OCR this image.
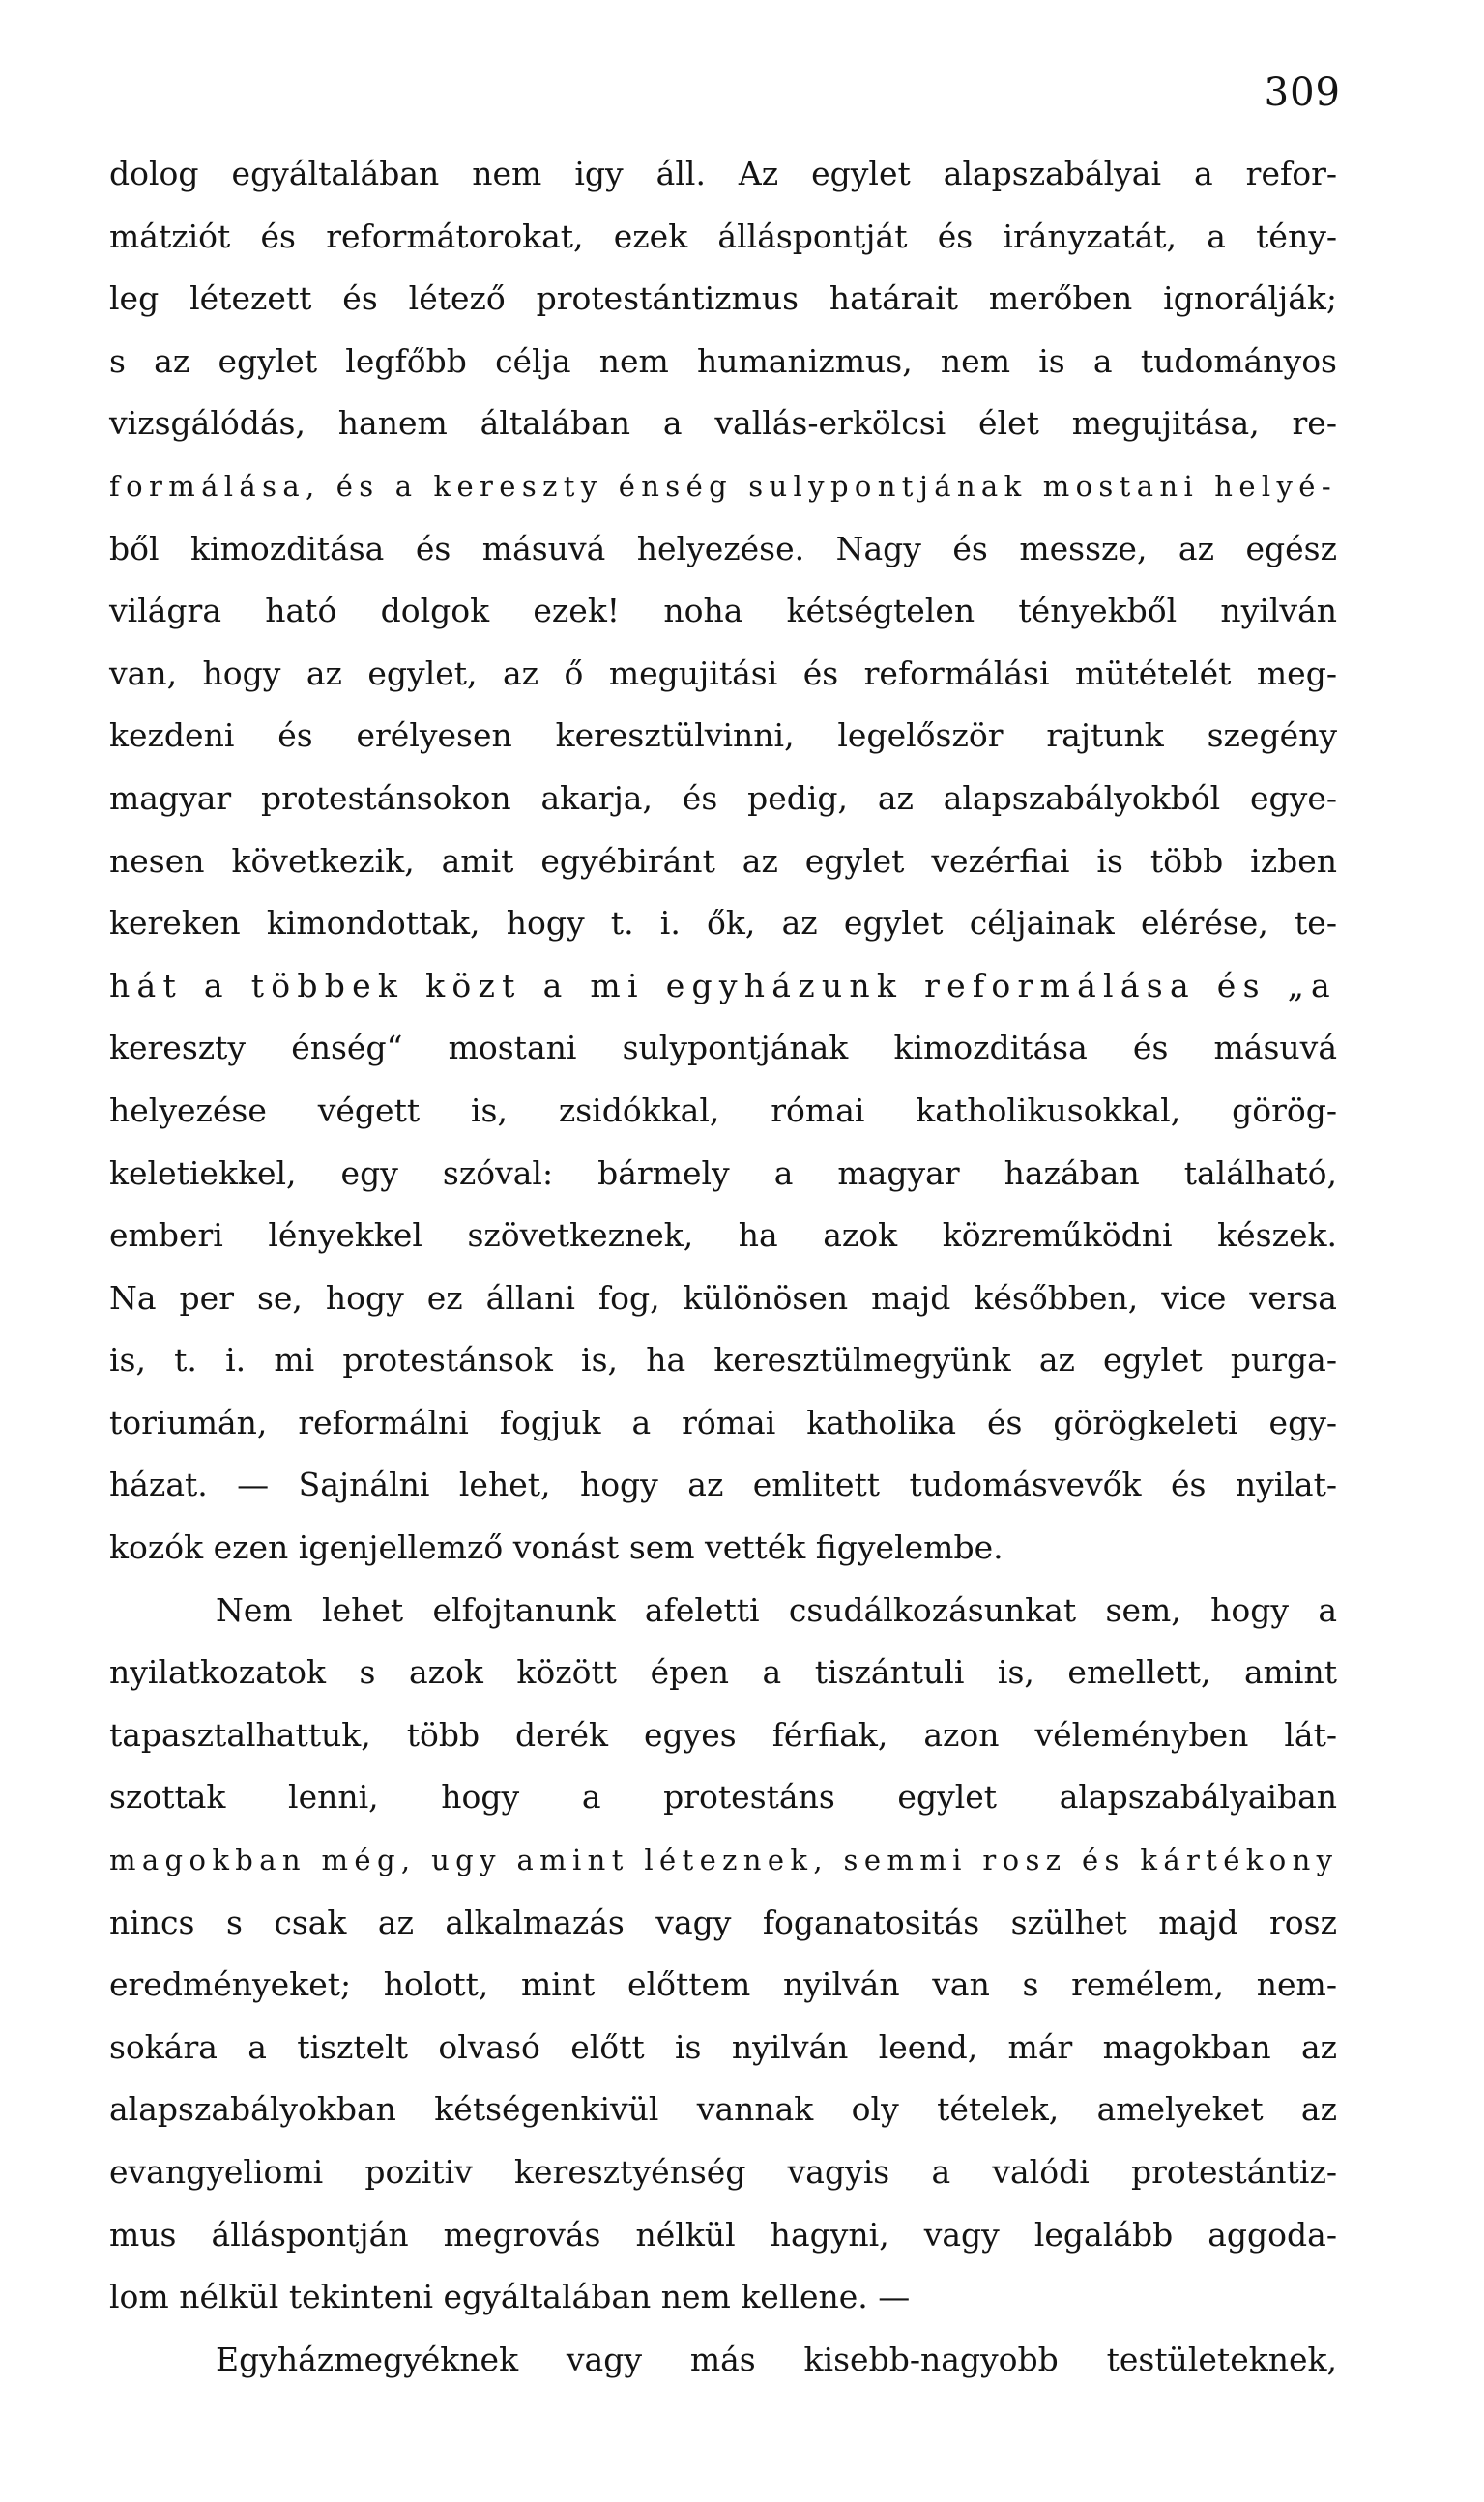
309
dolog egyáltalában nem igy áll. Az egylet alapszabályai a refor-
mátziót és reformátorokat, ezek álláspontját és irányzatát, a tény-
leg létezett és létező protestántizmus határait merőben ignorálják;
s az egylet legfőbb célja nem humanizmus, nem is a tudományos
vizsgálódás, hanem általában a vallás-erkölcsi élet megujitása, re-
formálása, és a kereszty énség sulypontjának mostani helyé-
ből kimozditása és másuvá helyezése. Nagy és messze, az egész
világra ható dolgok ezek! noha kétségtelen tényekből nyilván
van, hogy az egylet, az ő megujitási és reformálási mütételét meg-
kezdeni és erélyesen keresztülvinni, legelőször rajtunk szegény
magyar protestánsokon akarja, és pedig, az alapszabályokból egye-
nesen következik, amit egyébiránt az egylet vezérfiai is több izben
kereken kimondottak, hogy t. i. ők, az egylet céljainak elérése, te-
hát a többek közt a mi egyházunk reformálása és „a
kereszty énség“ mostani sulypontjának kimozditása és másuvá
helyezése végett is, zsidókkal, római katholikusokkal, görög-
keletiekkel, egy szóval: bármely a magyar hazában található,
emberi lényekkel szövetkeznek, ha azok közreműködni készek.
Na per se, hogy ez állani fog, különösen majd későbben, vice versa
is, t. i. mi protestánsok is, ha keresztülmegyünk az egylet purga-
toriumán, reformálni fogjuk a római katholika és görögkeleti egy-
házat. — Sajnálni lehet, hogy az emlitett tudomásvevők és nyilat-
kozók ezen igenjellemző vonást sem vették figyelembe.
Nem lehet elfojtanunk afeletti csudálkozásunkat sem, hogy a
nyilatkozatok s azok között épen a tiszántuli is, emellett, amint
tapasztalhattuk, több derék egyes férfiak, azon véleményben lát-
szottak lenni, hogy a protestáns egylet alapszabályaiban
magokban még, ugy amint léteznek, semmi rosz és kártékony
nincs s csak az alkalmazás vagy foganatositás szülhet majd rosz
eredményeket; holott, mint előttem nyilván van s remélem, nem-
sokára a tisztelt olvasó előtt is nyilván leend, már magokban az
alapszabályokban kétségenkivül vannak oly tételek, amelyeket az
evangyeliomi pozitiv keresztyénség vagyis a valódi protestántiz-
mus álláspontján megrovás nélkül hagyni, vagy legalább aggoda-
lom nélkül tekinteni egyáltalában nem kellene. —
Egyházmegyéknek vagy más kisebb-nagyobb testületeknek,
